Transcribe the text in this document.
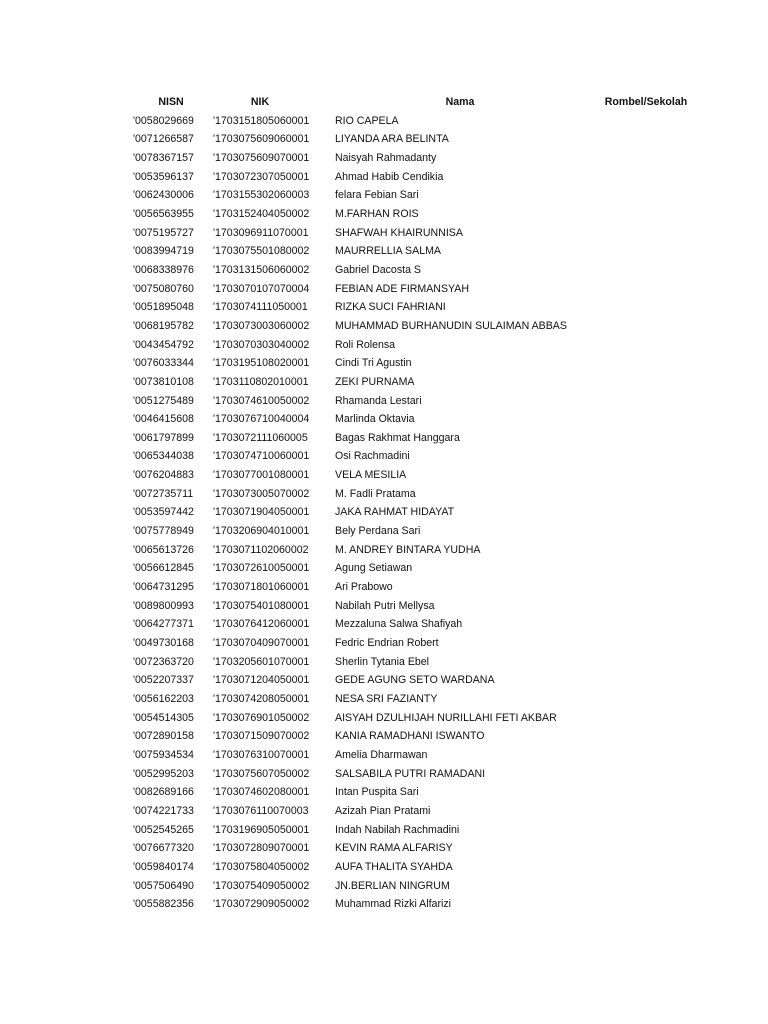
NISN	NIK	Nama	Rombel/Sekolah
'0058029669	'1703151805060001	RIO CAPELA	
'0071266587	'1703075609060001	LIYANDA ARA BELINTA	
'0078367157	'1703075609070001	Naisyah Rahmadanty	
'0053596137	'1703072307050001	Ahmad Habib Cendikia	
'0062430006	'1703155302060003	felara Febian Sari	
'0056563955	'1703152404050002	M.FARHAN ROIS	
'0075195727	'1703096911070001	SHAFWAH KHAIRUNNISA	
'0083994719	'1703075501080002	MAURRELLIA SALMA	
'0068338976	'1703131506060002	Gabriel Dacosta S	
'0075080760	'1703070107070004	FEBIAN ADE FIRMANSYAH	
'0051895048	'1703074111050001	RIZKA SUCI FAHRIANI	
'0068195782	'1703073003060002	MUHAMMAD BURHANUDIN SULAIMAN ABBAS	
'0043454792	'1703070303040002	Roli Rolensa	
'0076033344	'1703195108020001	Cindi Tri Agustin	
'0073810108	'1703110802010001	ZEKI PURNAMA	
'0051275489	'1703074610050002	Rhamanda Lestari	
'0046415608	'1703076710040004	Marlinda Oktavia	
'0061797899	'1703072111060005	Bagas Rakhmat Hanggara	
'0065344038	'1703074710060001	Osi Rachmadini	
'0076204883	'1703077001080001	VELA MESILIA	
'0072735711	'1703073005070002	M. Fadli Pratama	
'0053597442	'1703071904050001	JAKA RAHMAT HIDAYAT	
'0075778949	'1703206904010001	Bely Perdana Sari	
'0065613726	'1703071102060002	M. ANDREY BINTARA YUDHA	
'0056612845	'1703072610050001	Agung Setiawan	
'0064731295	'1703071801060001	Ari Prabowo	
'0089800993	'1703075401080001	Nabilah Putri Mellysa	
'0064277371	'1703076412060001	Mezzaluna Salwa Shafiyah	
'0049730168	'1703070409070001	Fedric Endrian Robert	
'0072363720	'1703205601070001	Sherlin Tytania Ebel	
'0052207337	'1703071204050001	GEDE AGUNG SETO WARDANA	
'0056162203	'1703074208050001	NESA SRI FAZIANTY	
'0054514305	'1703076901050002	AISYAH DZULHIJAH NURILLAHI FETI AKBAR	
'0072890158	'1703071509070002	KANIA RAMADHANI ISWANTO	
'0075934534	'1703076310070001	Amelia Dharmawan	
'0052995203	'1703075607050002	SALSABILA PUTRI RAMADANI	
'0082689166	'1703074602080001	Intan Puspita Sari	
'0074221733	'1703076110070003	Azizah Pian Pratami	
'0052545265	'1703196905050001	Indah Nabilah Rachmadini	
'0076677320	'1703072809070001	KEVIN RAMA ALFARISY	
'0059840174	'1703075804050002	AUFA THALITA SYAHDA	
'0057506490	'1703075409050002	JN.BERLIAN NINGRUM	
'0055882356	'1703072909050002	Muhammad Rizki Alfarizi	
